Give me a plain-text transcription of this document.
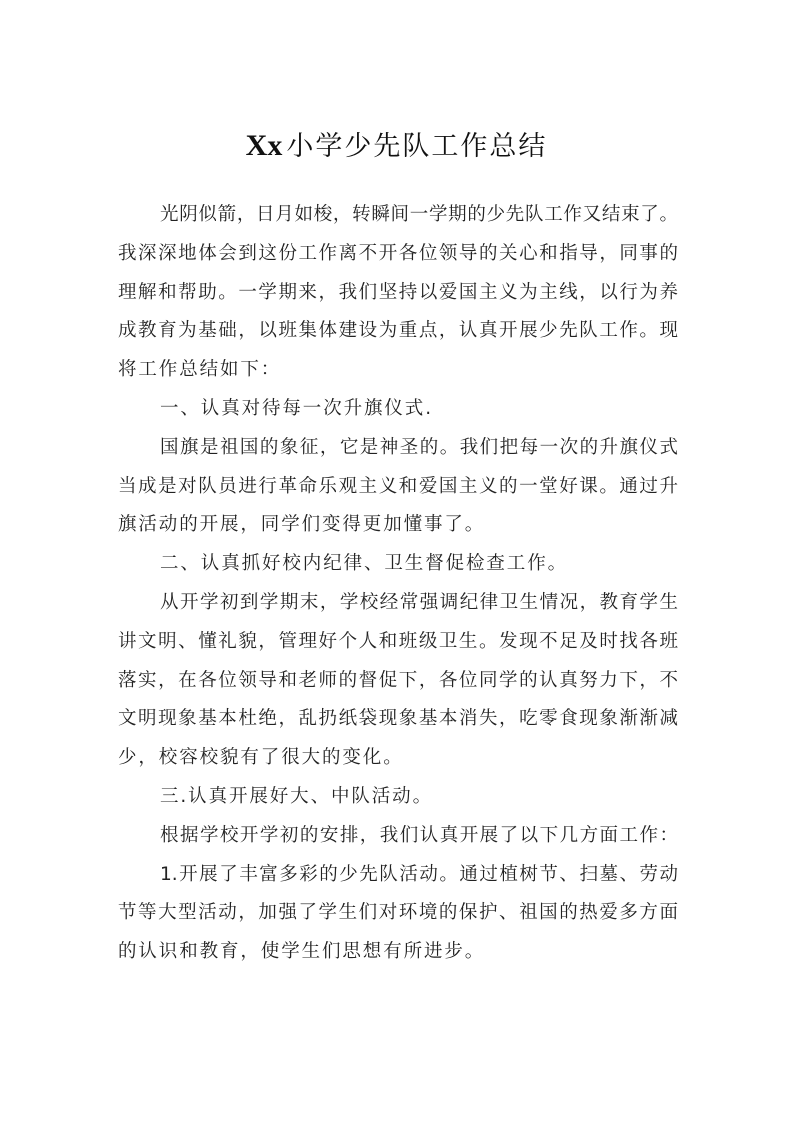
Xx 小学少先队工作总结
光阴似箭，日月如梭，转瞬间一学期的少先队工作又结束了。
我深深地体会到这份工作离不开各位领导的关心和指导，同事的
理解和帮助。一学期来，我们坚持以爱国主义为主线，以行为养
成教育为基础，以班集体建设为重点，认真开展少先队工作。现
将工作总结如下：
一、认真对待每一次升旗仪式.
国旗是祖国的象征，它是神圣的。我们把每一次的升旗仪式
当成是对队员进行革命乐观主义和爱国主义的一堂好课。通过升
旗活动的开展，同学们变得更加懂事了。
二、认真抓好校内纪律、卫生督促检查工作。
从开学初到学期末，学校经常强调纪律卫生情况，教育学生
讲文明、懂礼貌，管理好个人和班级卫生。发现不足及时找各班
落实，在各位领导和老师的督促下，各位同学的认真努力下，不
文明现象基本杜绝，乱扔纸袋现象基本消失，吃零食现象渐渐减
少，校容校貌有了很大的变化。
三.认真开展好大、中队活动。
根据学校开学初的安排，我们认真开展了以下几方面工作：
1.开展了丰富多彩的少先队活动。通过植树节、扫墓、劳动
节等大型活动，加强了学生们对环境的保护、祖国的热爱多方面
的认识和教育，使学生们思想有所进步。
